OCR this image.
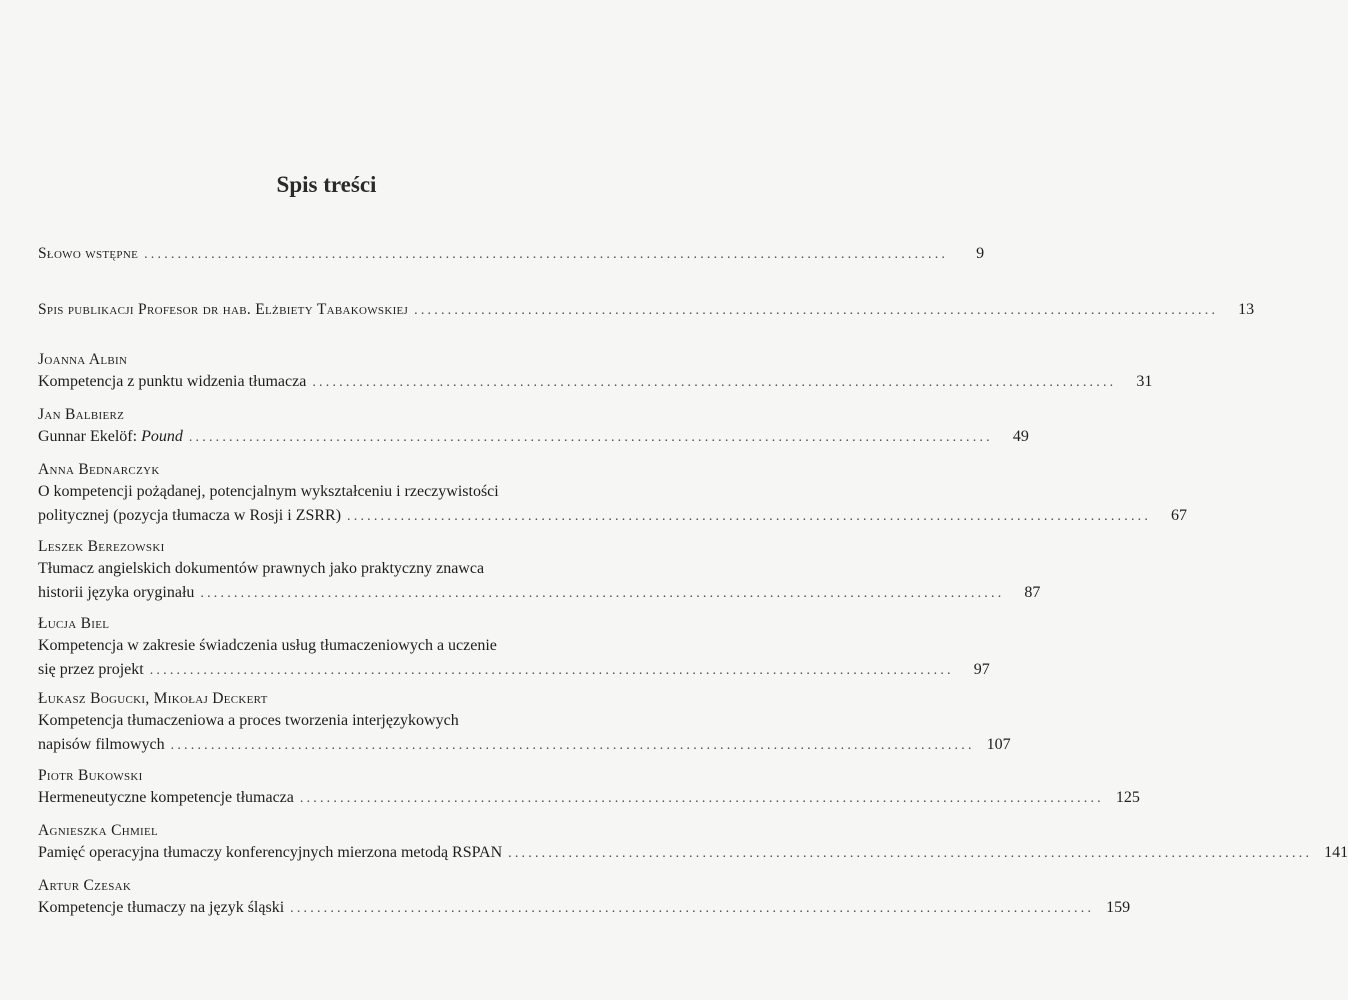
Spis treści
Słowo wstępne ........................................................................................................................	9
Spis publikacji Profesor dr hab. Elżbiety Tabakowskiej ........................................................................................................................	13
Joanna Albin
Kompetencja z punktu widzenia tłumacza ........................................................................................................................	31
Jan Balbierz
Gunnar Ekelöf: Pound ........................................................................................................................	49
Anna Bednarczyk
O kompetencji pożądanej, potencjalnym wykształceniu i rzeczywistości
politycznej (pozycja tłumacza w Rosji i ZSRR) ........................................................................................................................	67
Leszek Berezowski
Tłumacz angielskich dokumentów prawnych jako praktyczny znawca
historii języka oryginału ........................................................................................................................	87
Łucja Biel
Kompetencja w zakresie świadczenia usług tłumaczeniowych a uczenie
się przez projekt ........................................................................................................................	97
Łukasz Bogucki, Mikołaj Deckert
Kompetencja tłumaczeniowa a proces tworzenia interjęzykowych
napisów filmowych ........................................................................................................................ 107
Piotr Bukowski
Hermeneutyczne kompetencje tłumacza ........................................................................................................................ 125
Agnieszka Chmiel
Pamięć operacyjna tłumaczy konferencyjnych mierzona metodą RSPAN ........................................................................................................................ 141
Artur Czesak
Kompetencje tłumaczy na język śląski ........................................................................................................................ 159
